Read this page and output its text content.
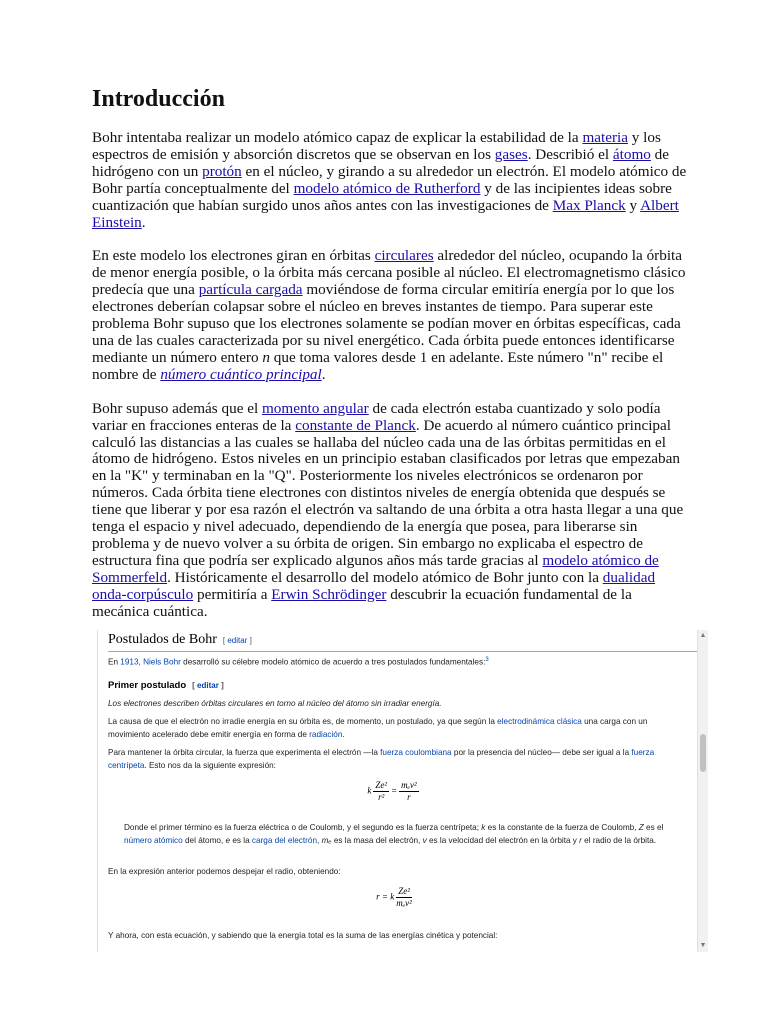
Introducción

Bohr intentaba realizar un modelo atómico capaz de explicar la estabilidad de la materia y los espectros de emisión y absorción discretos que se observan en los gases. Describió el átomo de hidrógeno con un protón en el núcleo, y girando a su alrededor un electrón. El modelo atómico de Bohr partía conceptualmente del modelo atómico de Rutherford y de las incipientes ideas sobre cuantización que habían surgido unos años antes con las investigaciones de Max Planck y Albert Einstein.

En este modelo los electrones giran en órbitas circulares alrededor del núcleo, ocupando la órbita de menor energía posible, o la órbita más cercana posible al núcleo. El electromagnetismo clásico predecía que una partícula cargada moviéndose de forma circular emitiría energía por lo que los electrones deberían colapsar sobre el núcleo en breves instantes de tiempo. Para superar este problema Bohr supuso que los electrones solamente se podían mover en órbitas específicas, cada una de las cuales caracterizada por su nivel energético. Cada órbita puede entonces identificarse mediante un número entero n que toma valores desde 1 en adelante. Este número "n" recibe el nombre de número cuántico principal.

Bohr supuso además que el momento angular de cada electrón estaba cuantizado y solo podía variar en fracciones enteras de la constante de Planck. De acuerdo al número cuántico principal calculó las distancias a las cuales se hallaba del núcleo cada una de las órbitas permitidas en el átomo de hidrógeno. Estos niveles en un principio estaban clasificados por letras que empezaban en la "K" y terminaban en la "Q". Posteriormente los niveles electrónicos se ordenaron por números. Cada órbita tiene electrones con distintos niveles de energía obtenida que después se tiene que liberar y por esa razón el electrón va saltando de una órbita a otra hasta llegar a una que tenga el espacio y nivel adecuado, dependiendo de la energía que posea, para liberarse sin problema y de nuevo volver a su órbita de origen. Sin embargo no explicaba el espectro de estructura fina que podría ser explicado algunos años más tarde gracias al modelo atómico de Sommerfeld. Históricamente el desarrollo del modelo atómico de Bohr junto con la dualidad onda-corpúsculo permitiría a Erwin Schrödinger descubrir la ecuación fundamental de la mecánica cuántica.

Postulados de Bohr [ editar ]
En 1913, Niels Bohr desarrolló su célebre modelo atómico de acuerdo a tres postulados fundamentales:$^3$
Primer postulado [ editar ]
Los electrones describen órbitas circulares en torno al núcleo del átomo sin irradiar energía.
La causa de que el electrón no irradie energía en su órbita es, de momento, un postulado, ya que según la electrodinámica clásica una carga con un movimiento acelerado debe emitir energía en forma de radiación.
Para mantener la órbita circular, la fuerza que experimenta el electrón —la fuerza coulombiana por la presencia del núcleo— debe ser igual a la fuerza centrípeta. Esto nos da la siguiente expresión:
k $\frac{\text{Ze²}}{\text{r²}} = \frac{\text{mₑv²}}{r}$
Donde el primer término es la fuerza eléctrica o de Coulomb, y el segundo es la fuerza centrípeta; k es la constante de la fuerza de Coulomb, Z es el número atómico del átomo, e es la carga del electrón, mₑ es la masa del electrón, v es la velocidad del electrón en la órbita y r el radio de la órbita.
En la expresión anterior podemos despejar el radio, obteniendo:
r = k $\frac{\text{Ze²}}{\text{mₑv²}}$
Y ahora, con esta ecuación, y sabiendo que la energía total es la suma de las energías cinética y potencial:
▲
▼
